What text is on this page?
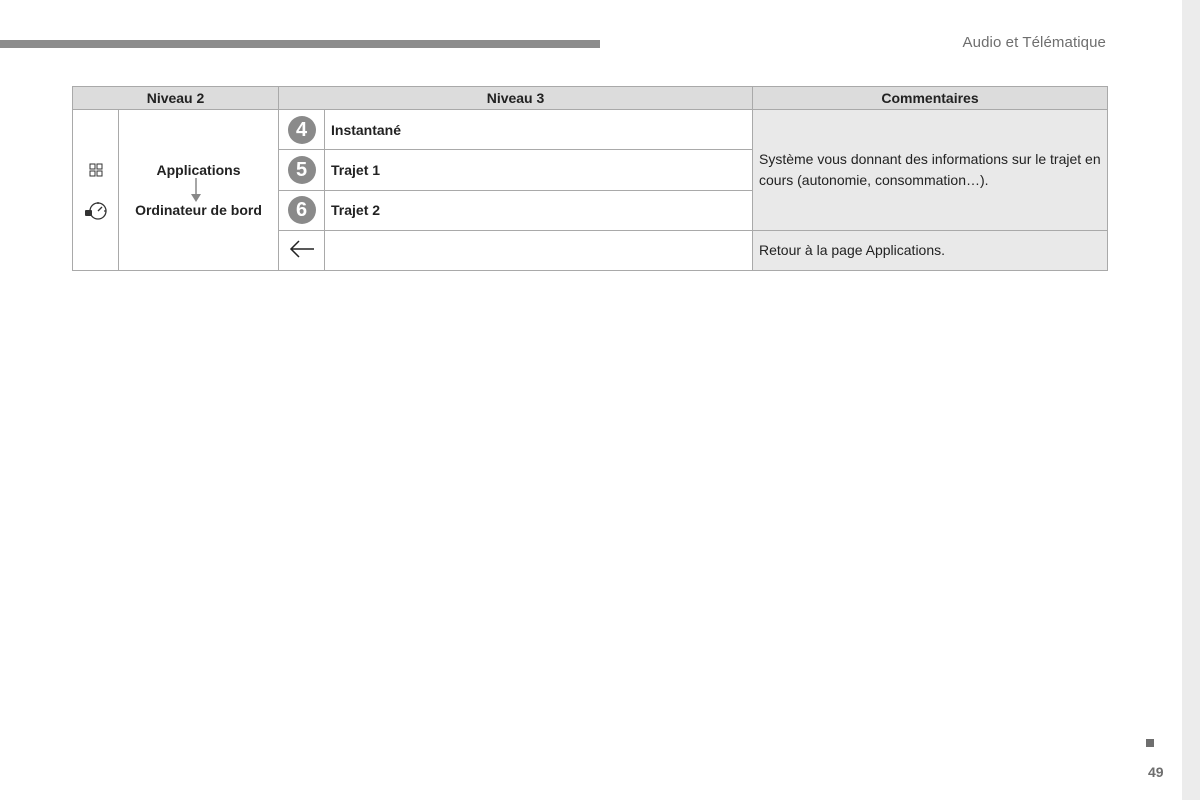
Audio et Télématique
Niveau 2		Niveau 3		Commentaires

Applications
Ordinateur de bord	4	Instantané	Système vous donnant des informations sur le trajet en cours (autonomie, consommation…).

5	Trajet 1	

6	Trajet 2	
		Retour à la page Applications.
49
